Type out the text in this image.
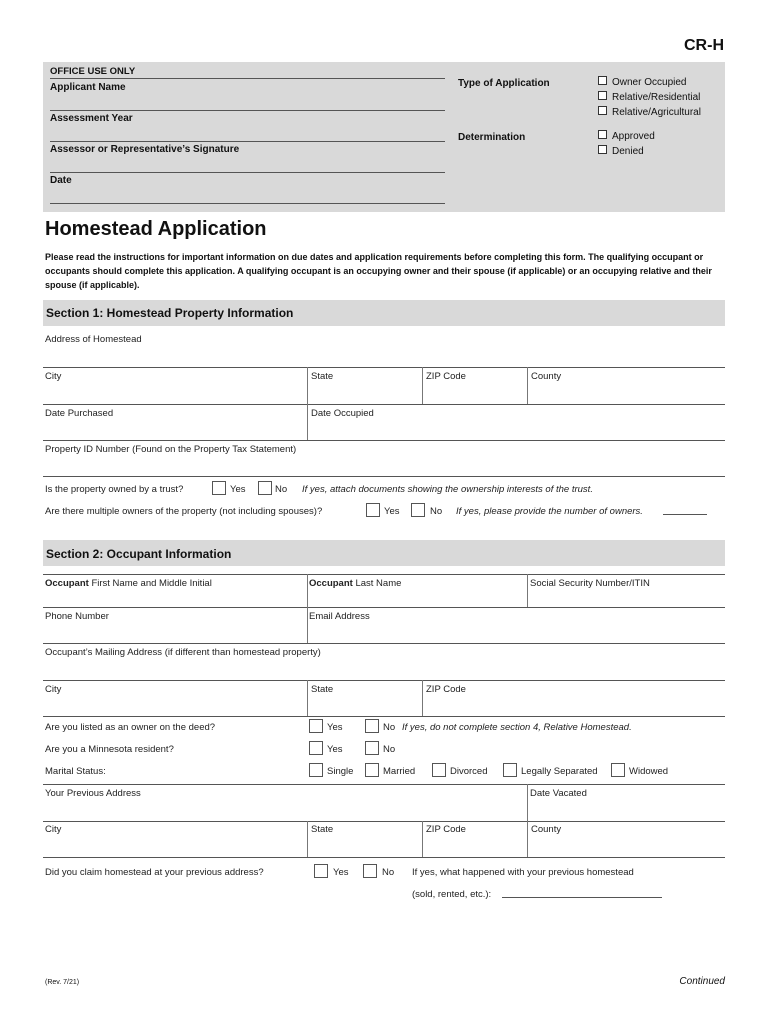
CR-H
OFFICE USE ONLY
Applicant Name
Assessment Year
Assessor or Representative’s Signature
Date
Type of Application	Owner Occupied
Relative/Residential
Relative/Agricultural
Determination	Approved
Denied
Homestead Application
Please read the instructions for important information on due dates and application requirements before completing this form. The qualifying occupant or occupants should complete this application. A qualifying occupant is an occupying owner and their spouse (if applicable) or an occupying relative and their spouse (if applicable).
Section 1: Homestead Property Information
Address of Homestead
City	State	ZIP Code	County
Date Purchased	Date Occupied
Property ID Number (Found on the Property Tax Statement)
Is the property owned by a trust?	Yes	No If yes, attach documents showing the ownership interests of the trust.
Are there multiple owners of the property (not including spouses)?	Yes	No If yes, please provide the number of owners.
Section 2: Occupant Information
Occupant First Name and Middle Initial	Occupant Last Name	Social Security Number/ITIN
Phone Number	Email Address
Occupant’s Mailing Address (if different than homestead property)
City	State	ZIP Code
Are you listed as an owner on the deed?	Yes	No If yes, do not complete section 4, Relative Homestead.
Are you a Minnesota resident?	Yes	No
Marital Status:	Single	Married	Divorced	Legally Separated	Widowed
Your Previous Address	Date Vacated
City	State	ZIP Code	County
Did you claim homestead at your previous address?	Yes	No If yes, what happened with your previous homestead
(sold, rented, etc.):
(Rev. 7/21)	Continued
